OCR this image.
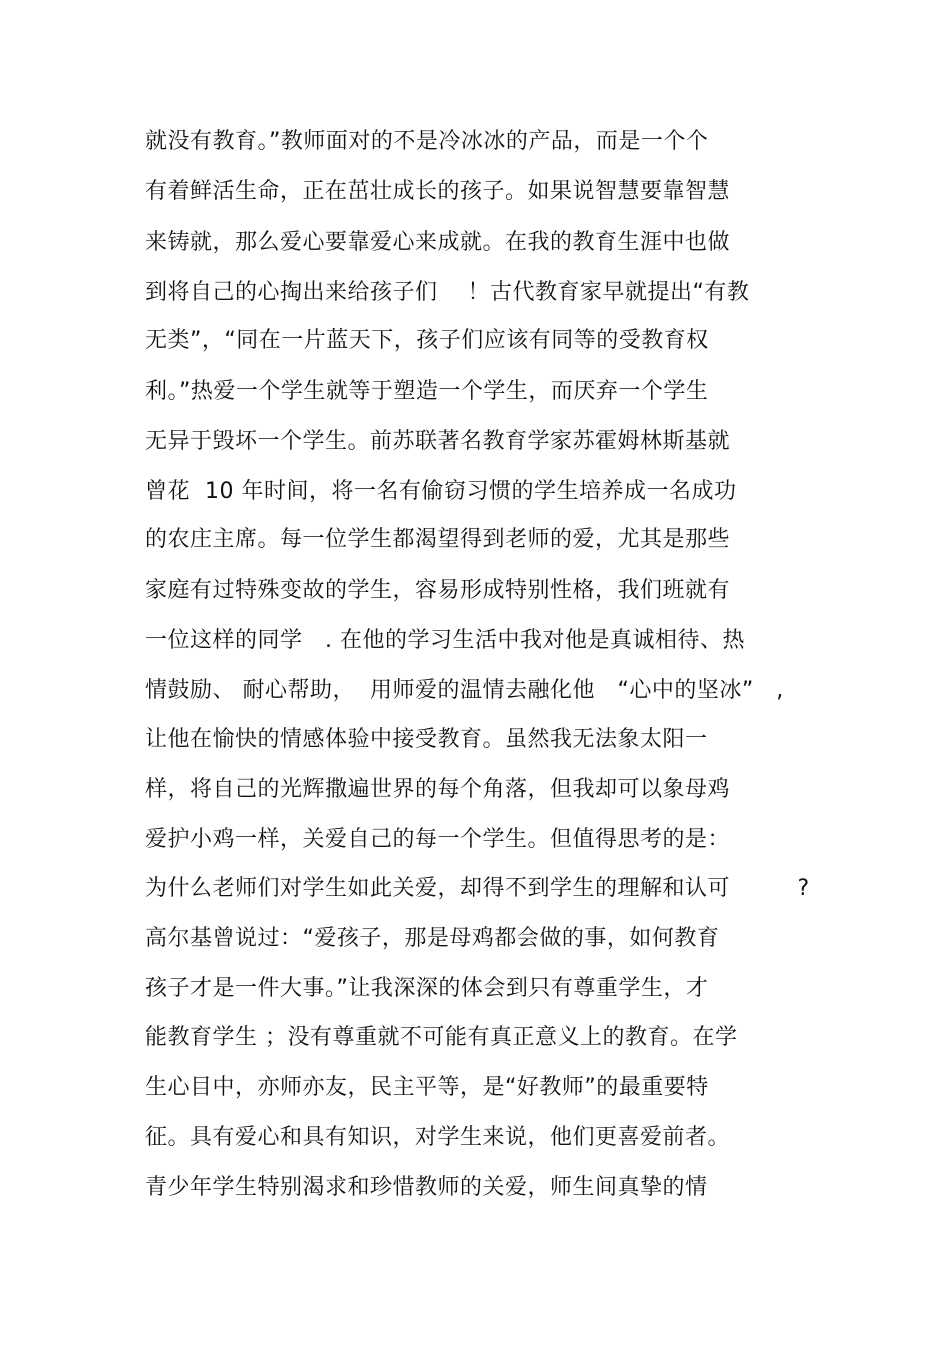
就没有教育。”教师面对的不是冷冰冰的产品，而是一个个

有着鲜活生命，正在茁壮成长的孩子。如果说智慧要靠智慧

来铸就，那么爱心要靠爱心来成就。在我的教育生涯中也做

到将自己的心掏出来给孩子们　 ！古代教育家早就提出“有教

无类”，“同在一片蓝天下，孩子们应该有同等的受教育权

利。”热爱一个学生就等于塑造一个学生，而厌弃一个学生

无异于毁坏一个学生。前苏联著名教育学家苏霍姆林斯基就

曾花  10 年时间，将一名有偷窃习惯的学生培养成一名成功

的农庄主席。每一位学生都渴望得到老师的爱，尤其是那些

家庭有过特殊变故的学生，容易形成特别性格，我们班就有

一位这样的同学　. 在他的学习生活中我对他是真诚相待、热

情鼓励、 耐心帮助，  用师爱的温情去融化他　“心中的坚冰”　,

让他在愉快的情感体验中接受教育。虽然我无法象太阳一

样，将自己的光辉撒遍世界的每个角落，但我却可以象母鸡

爱护小鸡一样，关爱自己的每一个学生。但值得思考的是：

为什么老师们对学生如此关爱，却得不到学生的理解和认可　　　?

高尔基曾说过：“爱孩子，那是母鸡都会做的事，如何教育

孩子才是一件大事。”让我深深的体会到只有尊重学生，才

能教育学生 ；没有尊重就不可能有真正意义上的教育。在学

生心目中，亦师亦友，民主平等，是“好教师”的最重要特

征。具有爱心和具有知识，对学生来说，他们更喜爱前者。

青少年学生特别渴求和珍惜教师的关爱，师生间真挚的情
